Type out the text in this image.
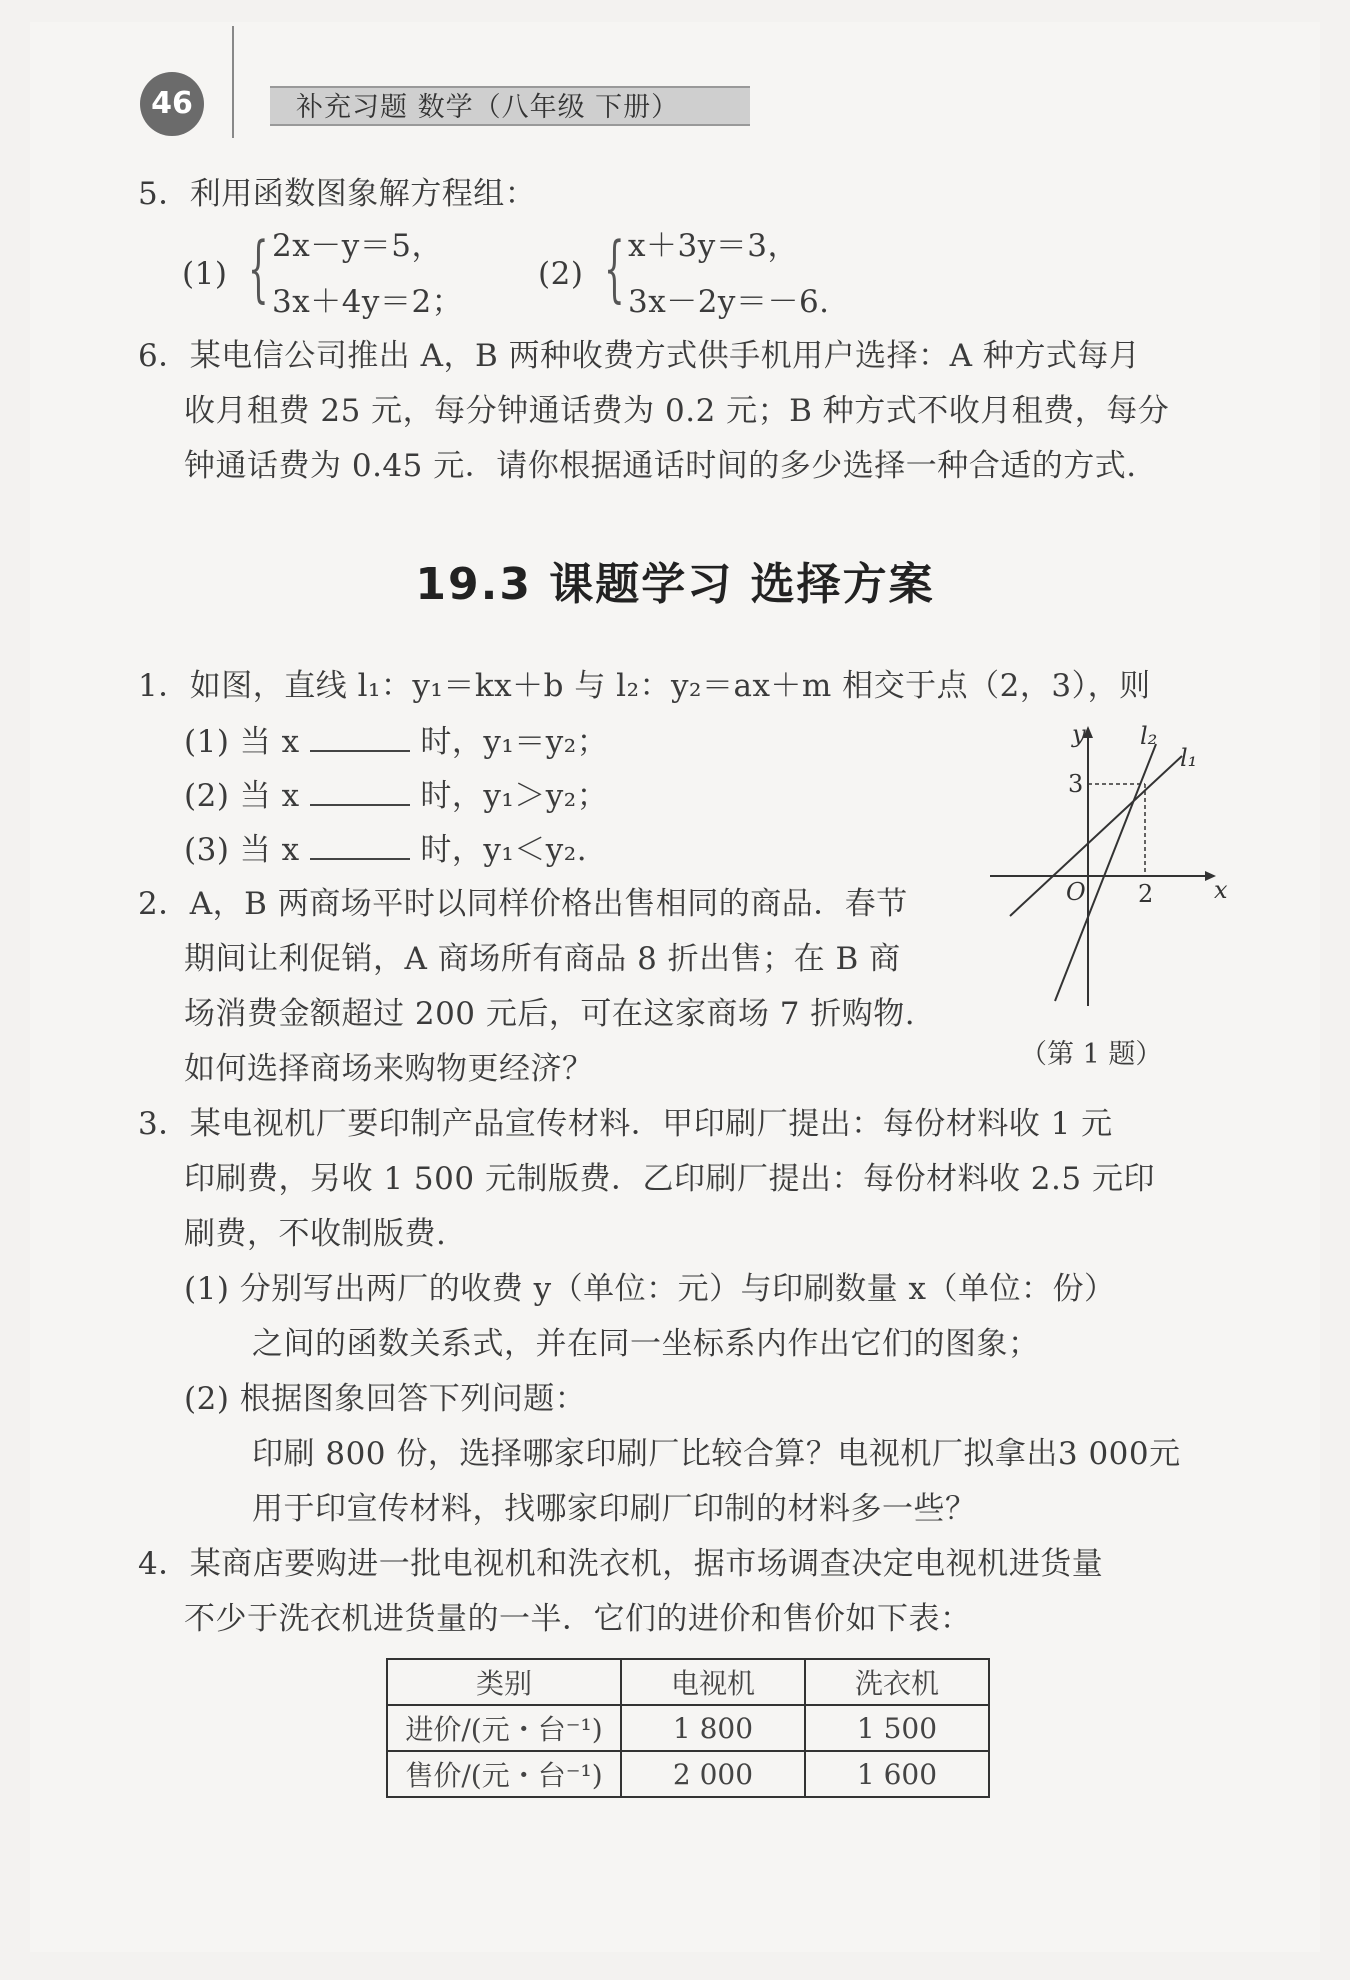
46	补充习题 数学（八年级 下册）
5．利用函数图象解方程组：
(1) { 2x－y＝5，
3x＋4y＝2；
(2) { x＋3y＝3，
3x－2y＝－6.
6．某电信公司推出 A，B 两种收费方式供手机用户选择：A 种方式每月
收月租费 25 元，每分钟通话费为 0.2 元；B 种方式不收月租费，每分
钟通话费为 0.45 元．请你根据通话时间的多少选择一种合适的方式.
19.3 课题学习 选择方案
1．如图，直线 l₁：y₁＝kx＋b 与 l₂：y₂＝ax＋m 相交于点（2，3），则
(1) 当 x	时，y₁＝y₂；
(2) 当 x	时，y₁＞y₂；
(3) 当 x	时，y₁＜y₂.
y
x
O 2
3
l₂
l₁
（第 1 题）
2．A，B 两商场平时以同样价格出售相同的商品．春节
期间让利促销，A 商场所有商品 8 折出售；在 B 商
场消费金额超过 200 元后，可在这家商场 7 折购物.
如何选择商场来购物更经济？
3．某电视机厂要印制产品宣传材料．甲印刷厂提出：每份材料收 1 元
印刷费，另收 1 500 元制版费．乙印刷厂提出：每份材料收 2.5 元印
刷费，不收制版费.
(1) 分别写出两厂的收费 y（单位：元）与印刷数量 x（单位：份）
之间的函数关系式，并在同一坐标系内作出它们的图象；
(2) 根据图象回答下列问题：
印刷 800 份，选择哪家印刷厂比较合算？电视机厂拟拿出3 000元
用于印宣传材料，找哪家印刷厂印制的材料多一些？
4．某商店要购进一批电视机和洗衣机，据市场调查决定电视机进货量
不少于洗衣机进货量的一半．它们的进价和售价如下表：
类别	电视机	洗衣机
进价/(元・台⁻¹)	1 800	1 500
售价/(元・台⁻¹)	2 000	1 600
